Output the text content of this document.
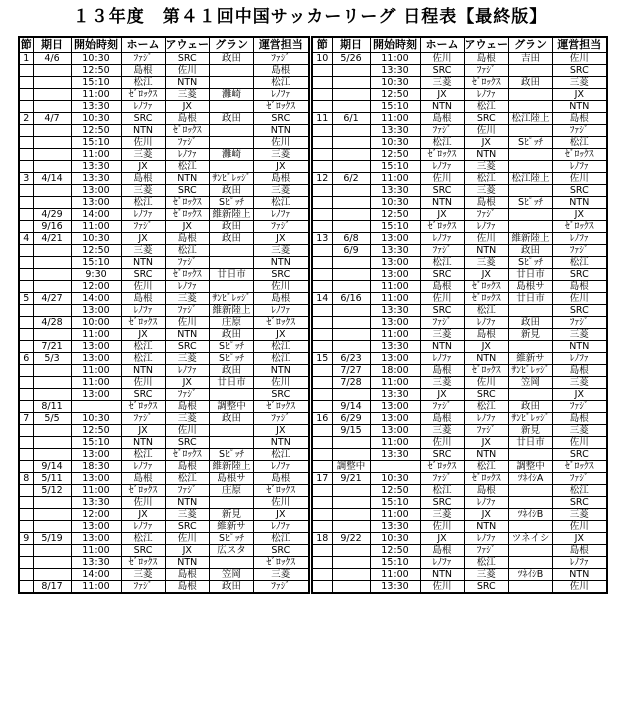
１３年度　第４１回中国サッカーリーグ 日程表【最終版】
節	期日	開始時刻	ホーム	アウェー	グラン	運営担当
1	4/6	10:30	ﾌｧｼﾞ	SRC	政田	ﾌｧｼﾞ
		12:50	島根	佐川		島根
		15:10	松江	NTN		松江
		11:00	ｾﾞﾛｯｸｽ	三菱	灘崎	ﾚﾉﾌｧ
		13:30	ﾚﾉﾌｧ	JX		ｾﾞﾛｯｸｽ
2	4/7	10:30	SRC	島根	政田	SRC
		12:50	NTN	ｾﾞﾛｯｸｽ		NTN
		15:10	佐川	ﾌｧｼﾞ		佐川
		11:00	三菱	ﾚﾉﾌｧ	灘崎	三菱
		13:30	JX	松江		JX
3	4/14	13:30	島根	NTN	ｻﾝﾋﾞﾚｯｼﾞ	島根
		13:00	三菱	SRC	政田	三菱
		13:00	松江	ｾﾞﾛｯｸｽ	Sﾋﾟｯﾁ	松江
	4/29	14:00	ﾚﾉﾌｧ	ｾﾞﾛｯｸｽ	維新陸上	ﾚﾉﾌｧ
	9/16	11:00	ﾌｧｼﾞ	JX	政田	ﾌｧｼﾞ
4	4/21	10:30	JX	島根	政田	JX
		12:50	三菱	松江		三菱
		15:10	NTN	ﾌｧｼﾞ		NTN
		9:30	SRC	ｾﾞﾛｯｸｽ	廿日市	SRC
		12:00	佐川	ﾚﾉﾌｧ		佐川
5	4/27	14:00	島根	三菱	ｻﾝﾋﾞﾚｯｼﾞ	島根
		13:00	ﾚﾉﾌｧ	ﾌｧｼﾞ	維新陸上	ﾚﾉﾌｧ
	4/28	10:00	ｾﾞﾛｯｸｽ	佐川	庄原	ｾﾞﾛｯｸｽ
		11:00	JX	NTN	政田	JX
	7/21	13:00	松江	SRC	Sﾋﾟｯﾁ	松江
6	5/3	13:00	松江	三菱	Sﾋﾟｯﾁ	松江
		11:00	NTN	ﾚﾉﾌｧ	政田	NTN
		11:00	佐川	JX	廿日市	佐川
		13:00	SRC	ﾌｧｼﾞ		SRC
	8/11		ｾﾞﾛｯｸｽ	島根	調整中	ｾﾞﾛｯｸｽ
7	5/5	10:30	ﾌｧｼﾞ	三菱	政田	ﾌｧｼﾞ
		12:50	JX	佐川		JX
		15:10	NTN	SRC		NTN
		13:00	松江	ｾﾞﾛｯｸｽ	Sﾋﾟｯﾁ	松江
	9/14	18:30	ﾚﾉﾌｧ	島根	維新陸上	ﾚﾉﾌｧ
8	5/11	13:00	島根	松江	島根サ	島根
	5/12	11:00	ｾﾞﾛｯｸｽ	ﾌｧｼﾞ	庄原	ｾﾞﾛｯｸｽ
		13:30	佐川	NTN		佐川
		12:00	JX	三菱	新見	JX
		13:00	ﾚﾉﾌｧ	SRC	維新サ	ﾚﾉﾌｧ
9	5/19	13:00	松江	佐川	Sﾋﾟｯﾁ	松江
		11:00	SRC	JX	広スタ	SRC
		13:30	ｾﾞﾛｯｸｽ	NTN		ｾﾞﾛｯｸｽ
		14:00	三菱	島根	笠岡	三菱
	8/17	11:00	ﾌｧｼﾞ	島根	政田	ﾌｧｼﾞ
節	期日	開始時刻	ホーム	アウェー	グラン	運営担当
10	5/26	11:00	佐川	島根	吉田	佐川
		13:30	SRC	ﾌｧｼﾞ		SRC
		10:30	三菱	ｾﾞﾛｯｸｽ	政田	三菱
		12:50	JX	ﾚﾉﾌｧ		JX
		15:10	NTN	松江		NTN
11	6/1	11:00	島根	SRC	松江陸上	島根
		13:30	ﾌｧｼﾞ	佐川		ﾌｧｼﾞ
		10:30	松江	JX	Sﾋﾟｯﾁ	松江
		12:50	ｾﾞﾛｯｸｽ	NTN		ｾﾞﾛｯｸｽ
		15:10	ﾚﾉﾌｧ	三菱		ﾚﾉﾌｧ
12	6/2	11:00	佐川	松江	松江陸上	佐川
		13:30	SRC	三菱		SRC
		10:30	NTN	島根	Sﾋﾟｯﾁ	NTN
		12:50	JX	ﾌｧｼﾞ		JX
		15:10	ｾﾞﾛｯｸｽ	ﾚﾉﾌｧ		ｾﾞﾛｯｸｽ
13	6/8	13:00	ﾚﾉﾌｧ	佐川	維新陸上	ﾚﾉﾌｧ
	6/9	13:30	ﾌｧｼﾞ	NTN	政田	ﾌｧｼﾞ
		13:00	松江	三菱	Sﾋﾟｯﾁ	松江
		13:00	SRC	JX	廿日市	SRC
		11:00	島根	ｾﾞﾛｯｸｽ	島根サ	島根
14	6/16	11:00	佐川	ｾﾞﾛｯｸｽ	廿日市	佐川
		13:30	SRC	松江		SRC
		13:00	ﾌｧｼﾞ	ﾚﾉﾌｧ	政田	ﾌｧｼﾞ
		11:00	三菱	島根	新見	三菱
		13:30	NTN	JX		NTN
15	6/23	13:00	ﾚﾉﾌｧ	NTN	維新サ	ﾚﾉﾌｧ
	7/27	18:00	島根	ｾﾞﾛｯｸｽ	ｻﾝﾋﾞﾚｯｼﾞ	島根
	7/28	11:00	三菱	佐川	笠岡	三菱
		13:30	JX	SRC		JX
	9/14	13:00	ﾌｧｼﾞ	松江	政田	ﾌｧｼﾞ
16	6/29	13:00	島根	ﾚﾉﾌｧ	ｻﾝﾋﾞﾚｯｼﾞ	島根
	9/15	13:00	三菱	ﾌｧｼﾞ	新見	三菱
		11:00	佐川	JX	廿日市	佐川
		13:30	SRC	NTN		SRC
	調整中		ｾﾞﾛｯｸｽ	松江	調整中	ｾﾞﾛｯｸｽ
17	9/21	10:30	ﾌｧｼﾞ	ｾﾞﾛｯｸｽ	ﾂﾈｲｼA	ﾌｧｼﾞ
		12:50	松江	島根		松江
		15:10	SRC	ﾚﾉﾌｧ		SRC
		11:00	三菱	JX	ﾂﾈｲｼB	三菱
		13:30	佐川	NTN		佐川
18	9/22	10:30	JX	ﾚﾉﾌｧ	ツネイシ	JX
		12:50	島根	ﾌｧｼﾞ		島根
		15:10	ﾚﾉﾌｧ	松江		ﾚﾉﾌｧ
		11:00	NTN	三菱	ﾂﾈｲｼB	NTN
		13:30	佐川	SRC		佐川
